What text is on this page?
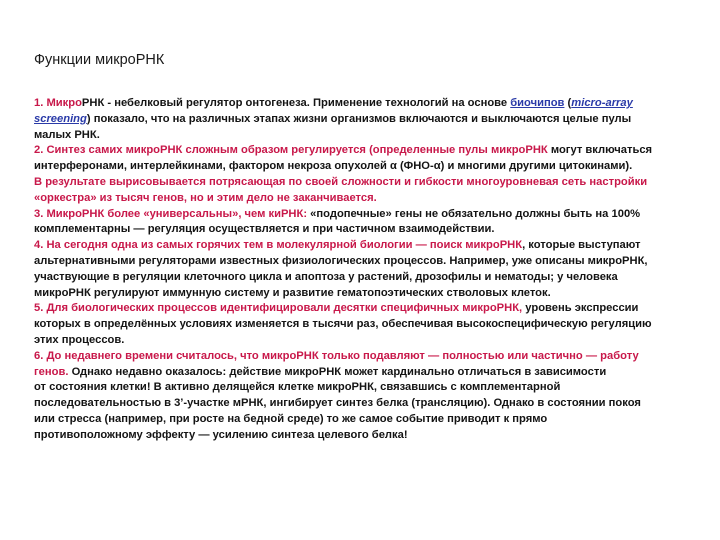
Функции микроРНК
1. МикроРНК - небелковый регулятор онтогенеза. Применение технологий на основе биочипов (micro-array
screening) показало, что на различных этапах жизни организмов включаются и выключаются целые пулы
малых РНК.
2. Синтез самих микроРНК сложным образом регулируется (определенные пулы микроРНК могут включаться
интерферонами, интерлейкинами, фактором некроза опухолей α (ФНО-α) и многими другими цитокинами).
В результате вырисовывается потрясающая по своей сложности и гибкости многоуровневая сеть настройки
«оркестра» из тысяч генов, но и этим дело не заканчивается.
3. МикроРНК более «универсальны», чем киРНК: «подопечные» гены не обязательно должны быть на 100%
комплементарны — регуляция осуществляется и при частичном взаимодействии.
4. На сегодня одна из самых горячих тем в молекулярной биологии — поиск микроРНК, которые выступают
альтернативными регуляторами известных физиологических процессов. Например, уже описаны микроРНК,
участвующие в регуляции клеточного цикла и апоптоза у растений, дрозофилы и нематоды; у человека
микроРНК регулируют иммунную систему и развитие гематопоэтических стволовых клеток.
5. Для биологических процессов идентифицировали десятки специфичных микроРНК, уровень экспрессии
которых в определённых условиях изменяется в тысячи раз, обеспечивая высокоспецифическую регуляцию
этих процессов.
6. До недавнего времени считалось, что микроРНК только подавляют — полностью или частично — работу
генов. Однако недавно оказалось: действие микроРНК может кардинально отличаться в зависимости
от состояния клетки! В активно делящейся клетке микроРНК, связавшись с комплементарной
последовательностью в 3’-участке мРНК, ингибирует синтез белка (трансляцию). Однако в состоянии покоя
или стресса (например, при росте на бедной среде) то же самое событие приводит к прямо
противоположному эффекту — усилению синтеза целевого белка!
